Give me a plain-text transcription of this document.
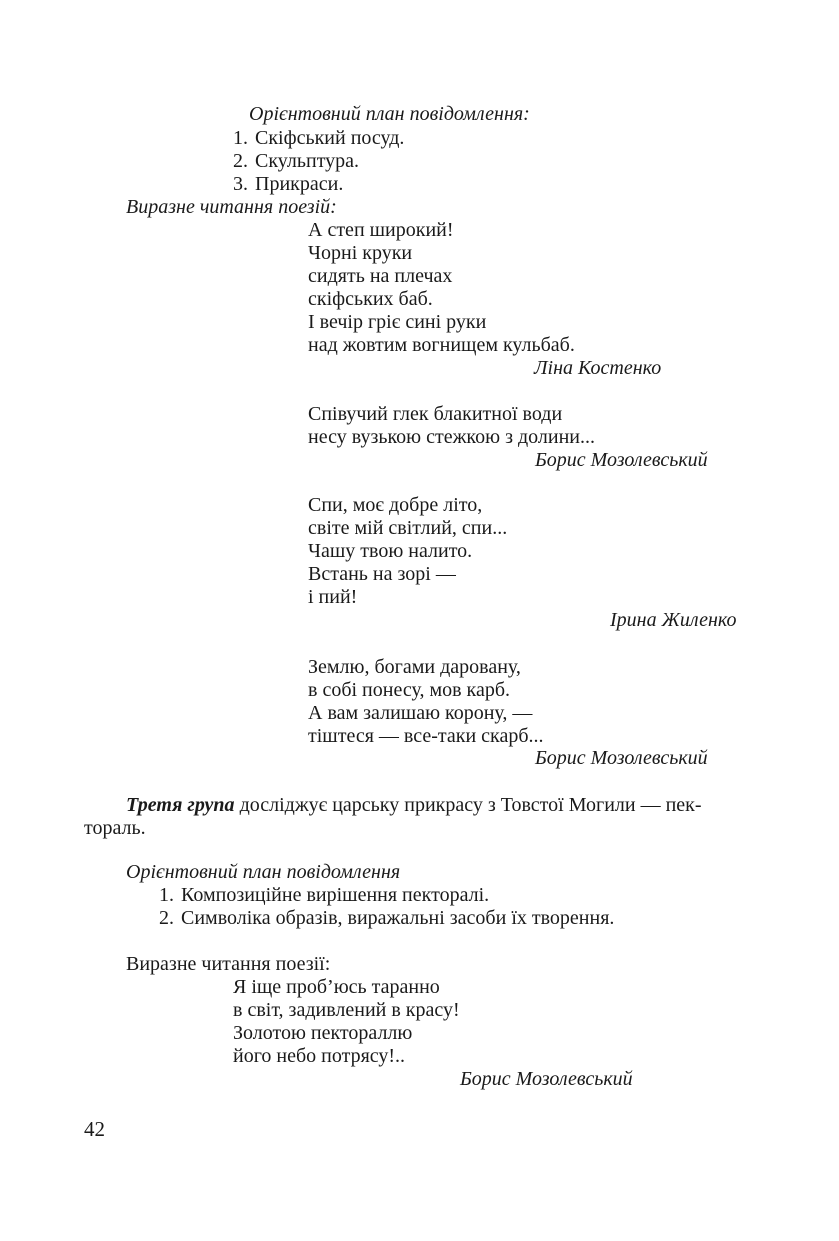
Орієнтовний план повідомлення:
1. Скіфський посуд.
2. Скульптура.
3. Прикраси.
Виразне читання поезій:
А степ широкий!
Чорні круки
сидять на плечах
скіфських баб.
І вечір гріє сині руки
над жовтим вогнищем кульбаб.
Ліна Костенко
Співучий глек блакитної води
несу вузькою стежкою з долини...
Борис Мозолевський
Спи, моє добре літо,
світе мій світлий, спи...
Чашу твою налито.
Встань на зорі —
і пий!
Ірина Жиленко
Землю, богами даровану,
в собі понесу, мов карб.
А вам залишаю корону, —
тіштеся — все-таки скарб...
Борис Мозолевський
Третя група досліджує царську прикрасу з Товстої Могили — пек-
тораль.
Орієнтовний план повідомлення
1. Композиційне вирішення пекторалі.
2. Символіка образів, виражальні засоби їх творення.
Виразне читання поезії:
Я іще проб’юсь таранно
в світ, задивлений в красу!
Золотою пектораллю
його небо потрясу!..
Борис Мозолевський
42
